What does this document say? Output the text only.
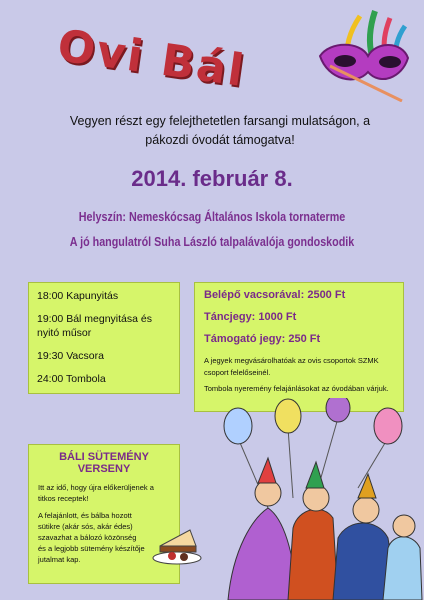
Ovi Bál
Vegyen részt egy felejthetetlen farsangi mulatságon, a pákozdi óvodát támogatva!
2014. február 8.
Helyszín: Nemeskócsag Általános Iskola tornaterme
A jó hangulatról Suha László talpalávalója gondoskodik
18:00 Kapunyitás
19:00 Bál megnyitása és nyitó műsor
19:30 Vacsora
24:00 Tombola
Belépő vacsorával: 2500 Ft
Táncjegy: 1000 Ft
Támogató jegy: 250 Ft
A jegyek megvásárolhatóak az ovis csoportok SZMK csoport felelőseinél.
Tombola nyeremény felajánlásokat az óvodában várjuk.
BÁLI SÜTEMÉNY VERSENY
Itt az idő, hogy újra előkerüljenek a titkos receptek!
A felajánlott, és bálba hozott sütikre (akár sós, akár édes) szavazhat a bálozó közönség és a legjobb sütemény készítője jutalmat kap.
